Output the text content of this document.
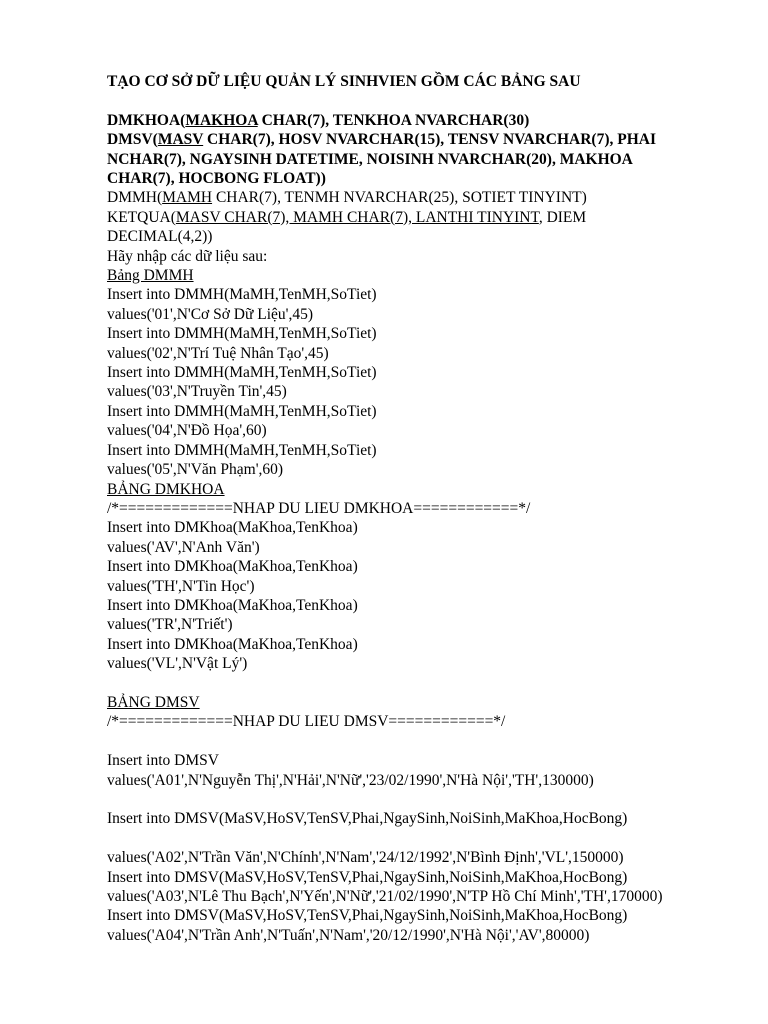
TẠO CƠ SỞ DỮ LIỆU QUẢN LÝ SINHVIEN GỒM CÁC BẢNG SAU
DMKHOA(MAKHOA CHAR(7), TENKHOA NVARCHAR(30)
DMSV(MASV CHAR(7), HOSV NVARCHAR(15), TENSV NVARCHAR(7), PHAI
NCHAR(7), NGAYSINH DATETIME, NOISINH NVARCHAR(20), MAKHOA
CHAR(7), HOCBONG FLOAT))
DMMH(MAMH CHAR(7), TENMH NVARCHAR(25), SOTIET TINYINT)
KETQUA(MASV CHAR(7), MAMH CHAR(7), LANTHI TINYINT, DIEM
DECIMAL(4,2))
Hãy nhập các dữ liệu sau:
Bảng DMMH
Insert into DMMH(MaMH,TenMH,SoTiet)
values('01',N'Cơ Sở Dữ Liệu',45)
Insert into DMMH(MaMH,TenMH,SoTiet)
values('02',N'Trí Tuệ Nhân Tạo',45)
Insert into DMMH(MaMH,TenMH,SoTiet)
values('03',N'Truyền Tin',45)
Insert into DMMH(MaMH,TenMH,SoTiet)
values('04',N'Đồ Họa',60)
Insert into DMMH(MaMH,TenMH,SoTiet)
values('05',N'Văn Phạm',60)
BẢNG DMKHOA
/*=============NHAP DU LIEU DMKHOA============*/
Insert into DMKhoa(MaKhoa,TenKhoa)
values('AV',N'Anh Văn')
Insert into DMKhoa(MaKhoa,TenKhoa)
values('TH',N'Tin Học')
Insert into DMKhoa(MaKhoa,TenKhoa)
values('TR',N'Triết')
Insert into DMKhoa(MaKhoa,TenKhoa)
values('VL',N'Vật Lý')
BẢNG DMSV
/*=============NHAP DU LIEU DMSV============*/
Insert into DMSV
values('A01',N'Nguyễn Thị',N'Hải',N'Nữ','23/02/1990',N'Hà Nội','TH',130000)
Insert into DMSV(MaSV,HoSV,TenSV,Phai,NgaySinh,NoiSinh,MaKhoa,HocBong)
values('A02',N'Trần Văn',N'Chính',N'Nam','24/12/1992',N'Bình Định','VL',150000)
Insert into DMSV(MaSV,HoSV,TenSV,Phai,NgaySinh,NoiSinh,MaKhoa,HocBong)
values('A03',N'Lê Thu Bạch',N'Yến',N'Nữ','21/02/1990',N'TP Hồ Chí Minh','TH',170000)
Insert into DMSV(MaSV,HoSV,TenSV,Phai,NgaySinh,NoiSinh,MaKhoa,HocBong)
values('A04',N'Trần Anh',N'Tuấn',N'Nam','20/12/1990',N'Hà Nội','AV',80000)
